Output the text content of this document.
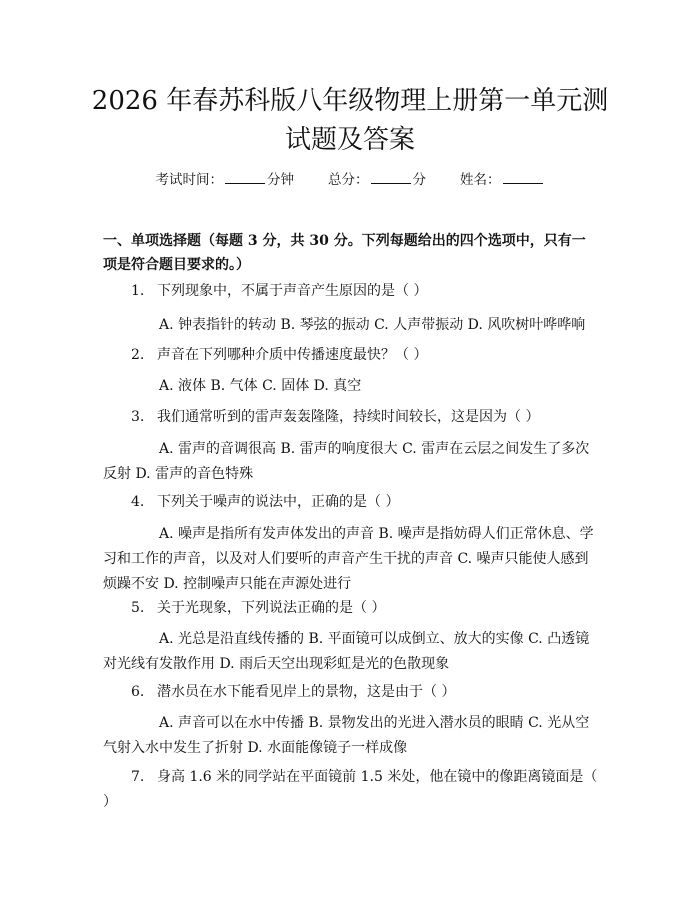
2026 年春苏科版八年级物理上册第一单元测
试题及答案
考试时间：	分钟	总分：	分	姓名：
一、单项选择题（每题 3 分，共 30 分。下列每题给出的四个选项中，只有一项是符合题目要求的。）
1. 下列现象中，不属于声音产生原因的是（ ）
A. 钟表指针的转动 B. 琴弦的振动 C. 人声带振动 D. 风吹树叶哗哗响
2. 声音在下列哪种介质中传播速度最快？（ ）
A. 液体 B. 气体 C. 固体 D. 真空
3. 我们通常听到的雷声轰轰隆隆，持续时间较长，这是因为（ ）
A. 雷声的音调很高 B. 雷声的响度很大 C. 雷声在云层之间发生了多次反射 D. 雷声的音色特殊
4. 下列关于噪声的说法中，正确的是（ ）
A. 噪声是指所有发声体发出的声音 B. 噪声是指妨碍人们正常休息、学习和工作的声音，以及对人们要听的声音产生干扰的声音 C. 噪声只能使人感到烦躁不安 D. 控制噪声只能在声源处进行
5. 关于光现象，下列说法正确的是（ ）
A. 光总是沿直线传播的 B. 平面镜可以成倒立、放大的实像 C. 凸透镜对光线有发散作用 D. 雨后天空出现彩虹是光的色散现象
6. 潜水员在水下能看见岸上的景物，这是由于（ ）
A. 声音可以在水中传播 B. 景物发出的光进入潜水员的眼睛 C. 光从空气射入水中发生了折射 D. 水面能像镜子一样成像
7. 身高 1.6 米的同学站在平面镜前 1.5 米处，他在镜中的像距离镜面是（ ）
